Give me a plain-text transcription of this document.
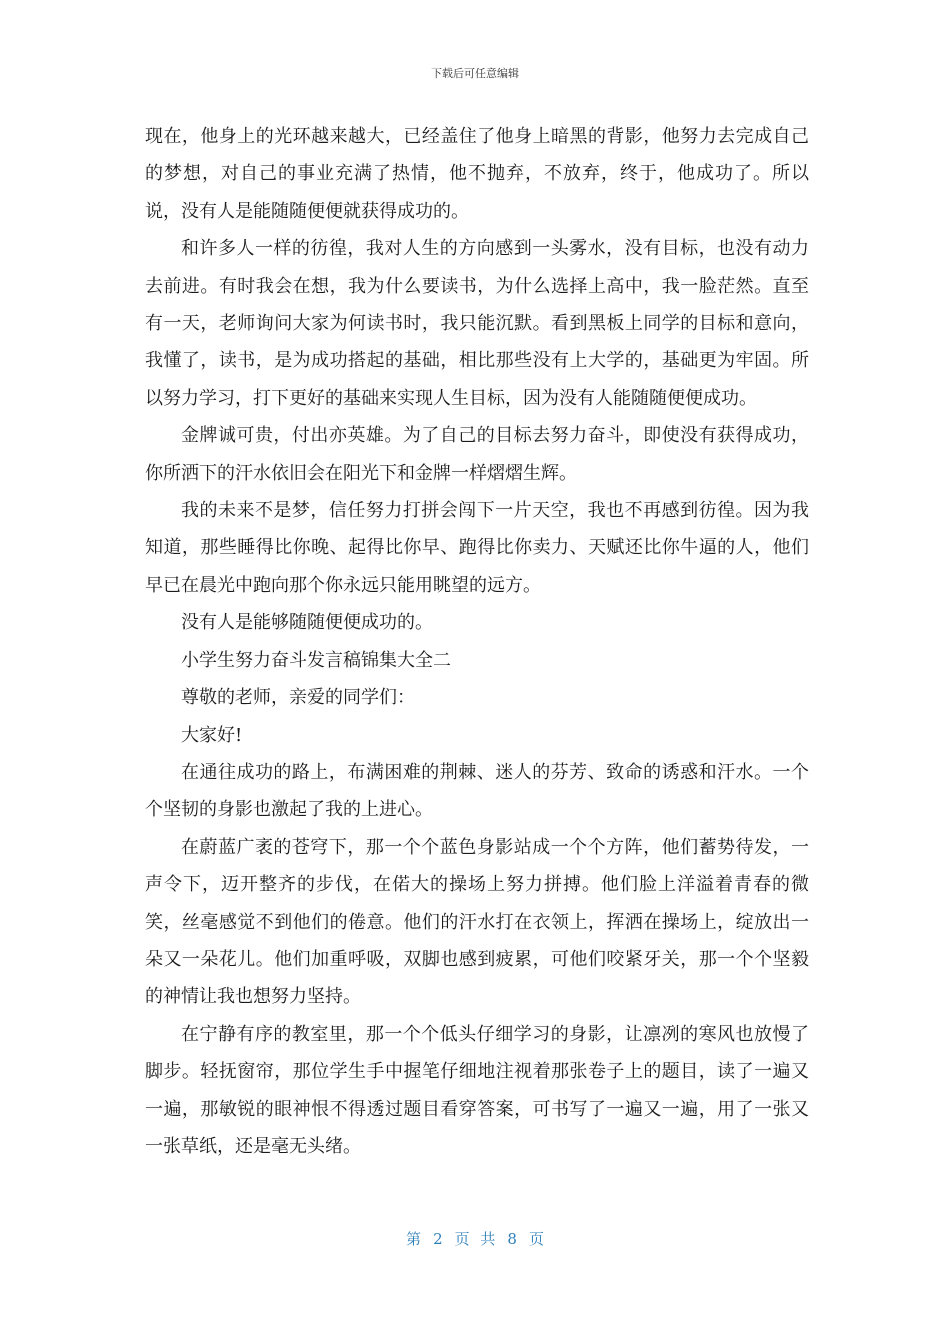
下载后可任意编辑

现在，他身上的光环越来越大，已经盖住了他身上暗黑的背影，他努力去完成自己的梦想，对自己的事业充满了热情，他不抛弃，不放弃，终于，他成功了。所以说，没有人是能随随便便就获得成功的。

和许多人一样的彷徨，我对人生的方向感到一头雾水，没有目标，也没有动力去前进。有时我会在想，我为什么要读书，为什么选择上高中，我一脸茫然。直至有一天，老师询问大家为何读书时，我只能沉默。看到黑板上同学的目标和意向，我懂了，读书，是为成功搭起的基础，相比那些没有上大学的，基础更为牢固。所以努力学习，打下更好的基础来实现人生目标，因为没有人能随随便便成功。

金牌诚可贵，付出亦英雄。为了自己的目标去努力奋斗，即使没有获得成功，你所洒下的汗水依旧会在阳光下和金牌一样熠熠生辉。

我的未来不是梦，信任努力打拼会闯下一片天空，我也不再感到彷徨。因为我知道，那些睡得比你晚、起得比你早、跑得比你卖力、天赋还比你牛逼的人，他们早已在晨光中跑向那个你永远只能用眺望的远方。

没有人是能够随随便便成功的。

小学生努力奋斗发言稿锦集大全二

尊敬的老师，亲爱的同学们：

大家好!

在通往成功的路上，布满困难的荆棘、迷人的芬芳、致命的诱惑和汗水。一个个坚韧的身影也激起了我的上进心。

在蔚蓝广袤的苍穹下，那一个个蓝色身影站成一个个方阵，他们蓄势待发，一声令下，迈开整齐的步伐，在偌大的操场上努力拼搏。他们脸上洋溢着青春的微笑，丝毫感觉不到他们的倦意。他们的汗水打在衣领上，挥洒在操场上，绽放出一朵又一朵花儿。他们加重呼吸，双脚也感到疲累，可他们咬紧牙关，那一个个坚毅的神情让我也想努力坚持。

在宁静有序的教室里，那一个个低头仔细学习的身影，让凛冽的寒风也放慢了脚步。轻抚窗帘，那位学生手中握笔仔细地注视着那张卷子上的题目，读了一遍又一遍，那敏锐的眼神恨不得透过题目看穿答案，可书写了一遍又一遍，用了一张又一张草纸，还是毫无头绪。

第 2 页 共 8 页
